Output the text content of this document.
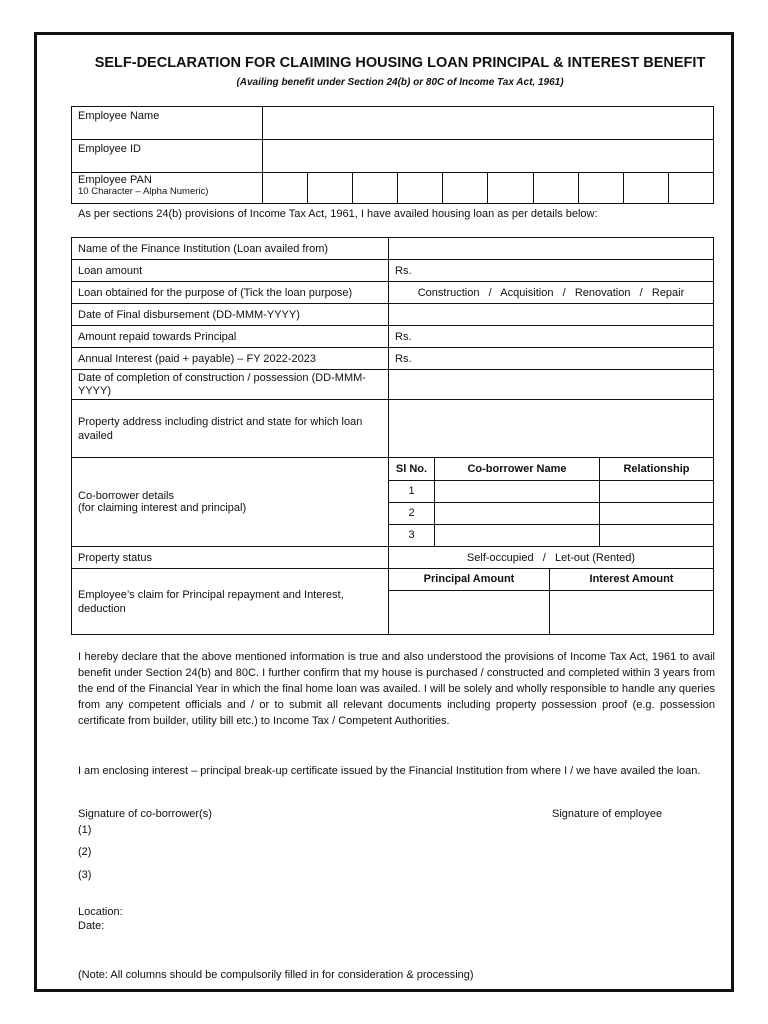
SELF-DECLARATION FOR CLAIMING HOUSING LOAN PRINCIPAL & INTEREST BENEFIT
(Availing benefit under Section 24(b) or 80C of Income Tax Act, 1961)
Employee Name										
Employee ID										

Employee PAN
10 Character – Alpha Numeric)										

As per sections 24(b) provisions of Income Tax Act, 1961, I have availed housing loan as per details below:
Name of the Finance Institution (Loan availed from)	
Loan amount	Rs.
Loan obtained for the purpose of (Tick the loan purpose)	Construction   /   Acquisition   /   Renovation   /   Repair
Date of Final disbursement (DD-MMM-YYYY)	
Amount repaid towards Principal	Rs.
Annual Interest (paid + payable) – FY 2022-2023	Rs.
Date of completion of construction / possession (DD-MMM-YYYY)	
Property address including district and state for which loan availed	

Co-borrower details
(for claiming interest and principal)

Sl No.	Co-borrower Name	Relationship
1		
2		
3		

Property status	Self-occupied   /   Let-out (Rented)
Employee’s claim for Principal repayment and Interest, deduction	
Principal Amount	Interest Amount

I hereby declare that the above mentioned information is true and also understood the provisions of Income Tax Act, 1961 to avail benefit under Section 24(b) and 80C. I further confirm that my house is purchased / constructed and completed within 3 years from the end of the Financial Year in which the final home loan was availed. I will be solely and wholly responsible to handle any queries from any competent officials and / or to submit all relevant documents including property possession proof (e.g. possession certificate from builder, utility bill etc.) to Income Tax / Competent Authorities.
I am enclosing interest – principal break-up certificate issued by the Financial Institution from where I / we have availed the loan.
Signature of co-borrower(s)	Signature of employee
(1)
(2)
(3)
Location:
Date:
(Note: All columns should be compulsorily filled in for consideration & processing)
